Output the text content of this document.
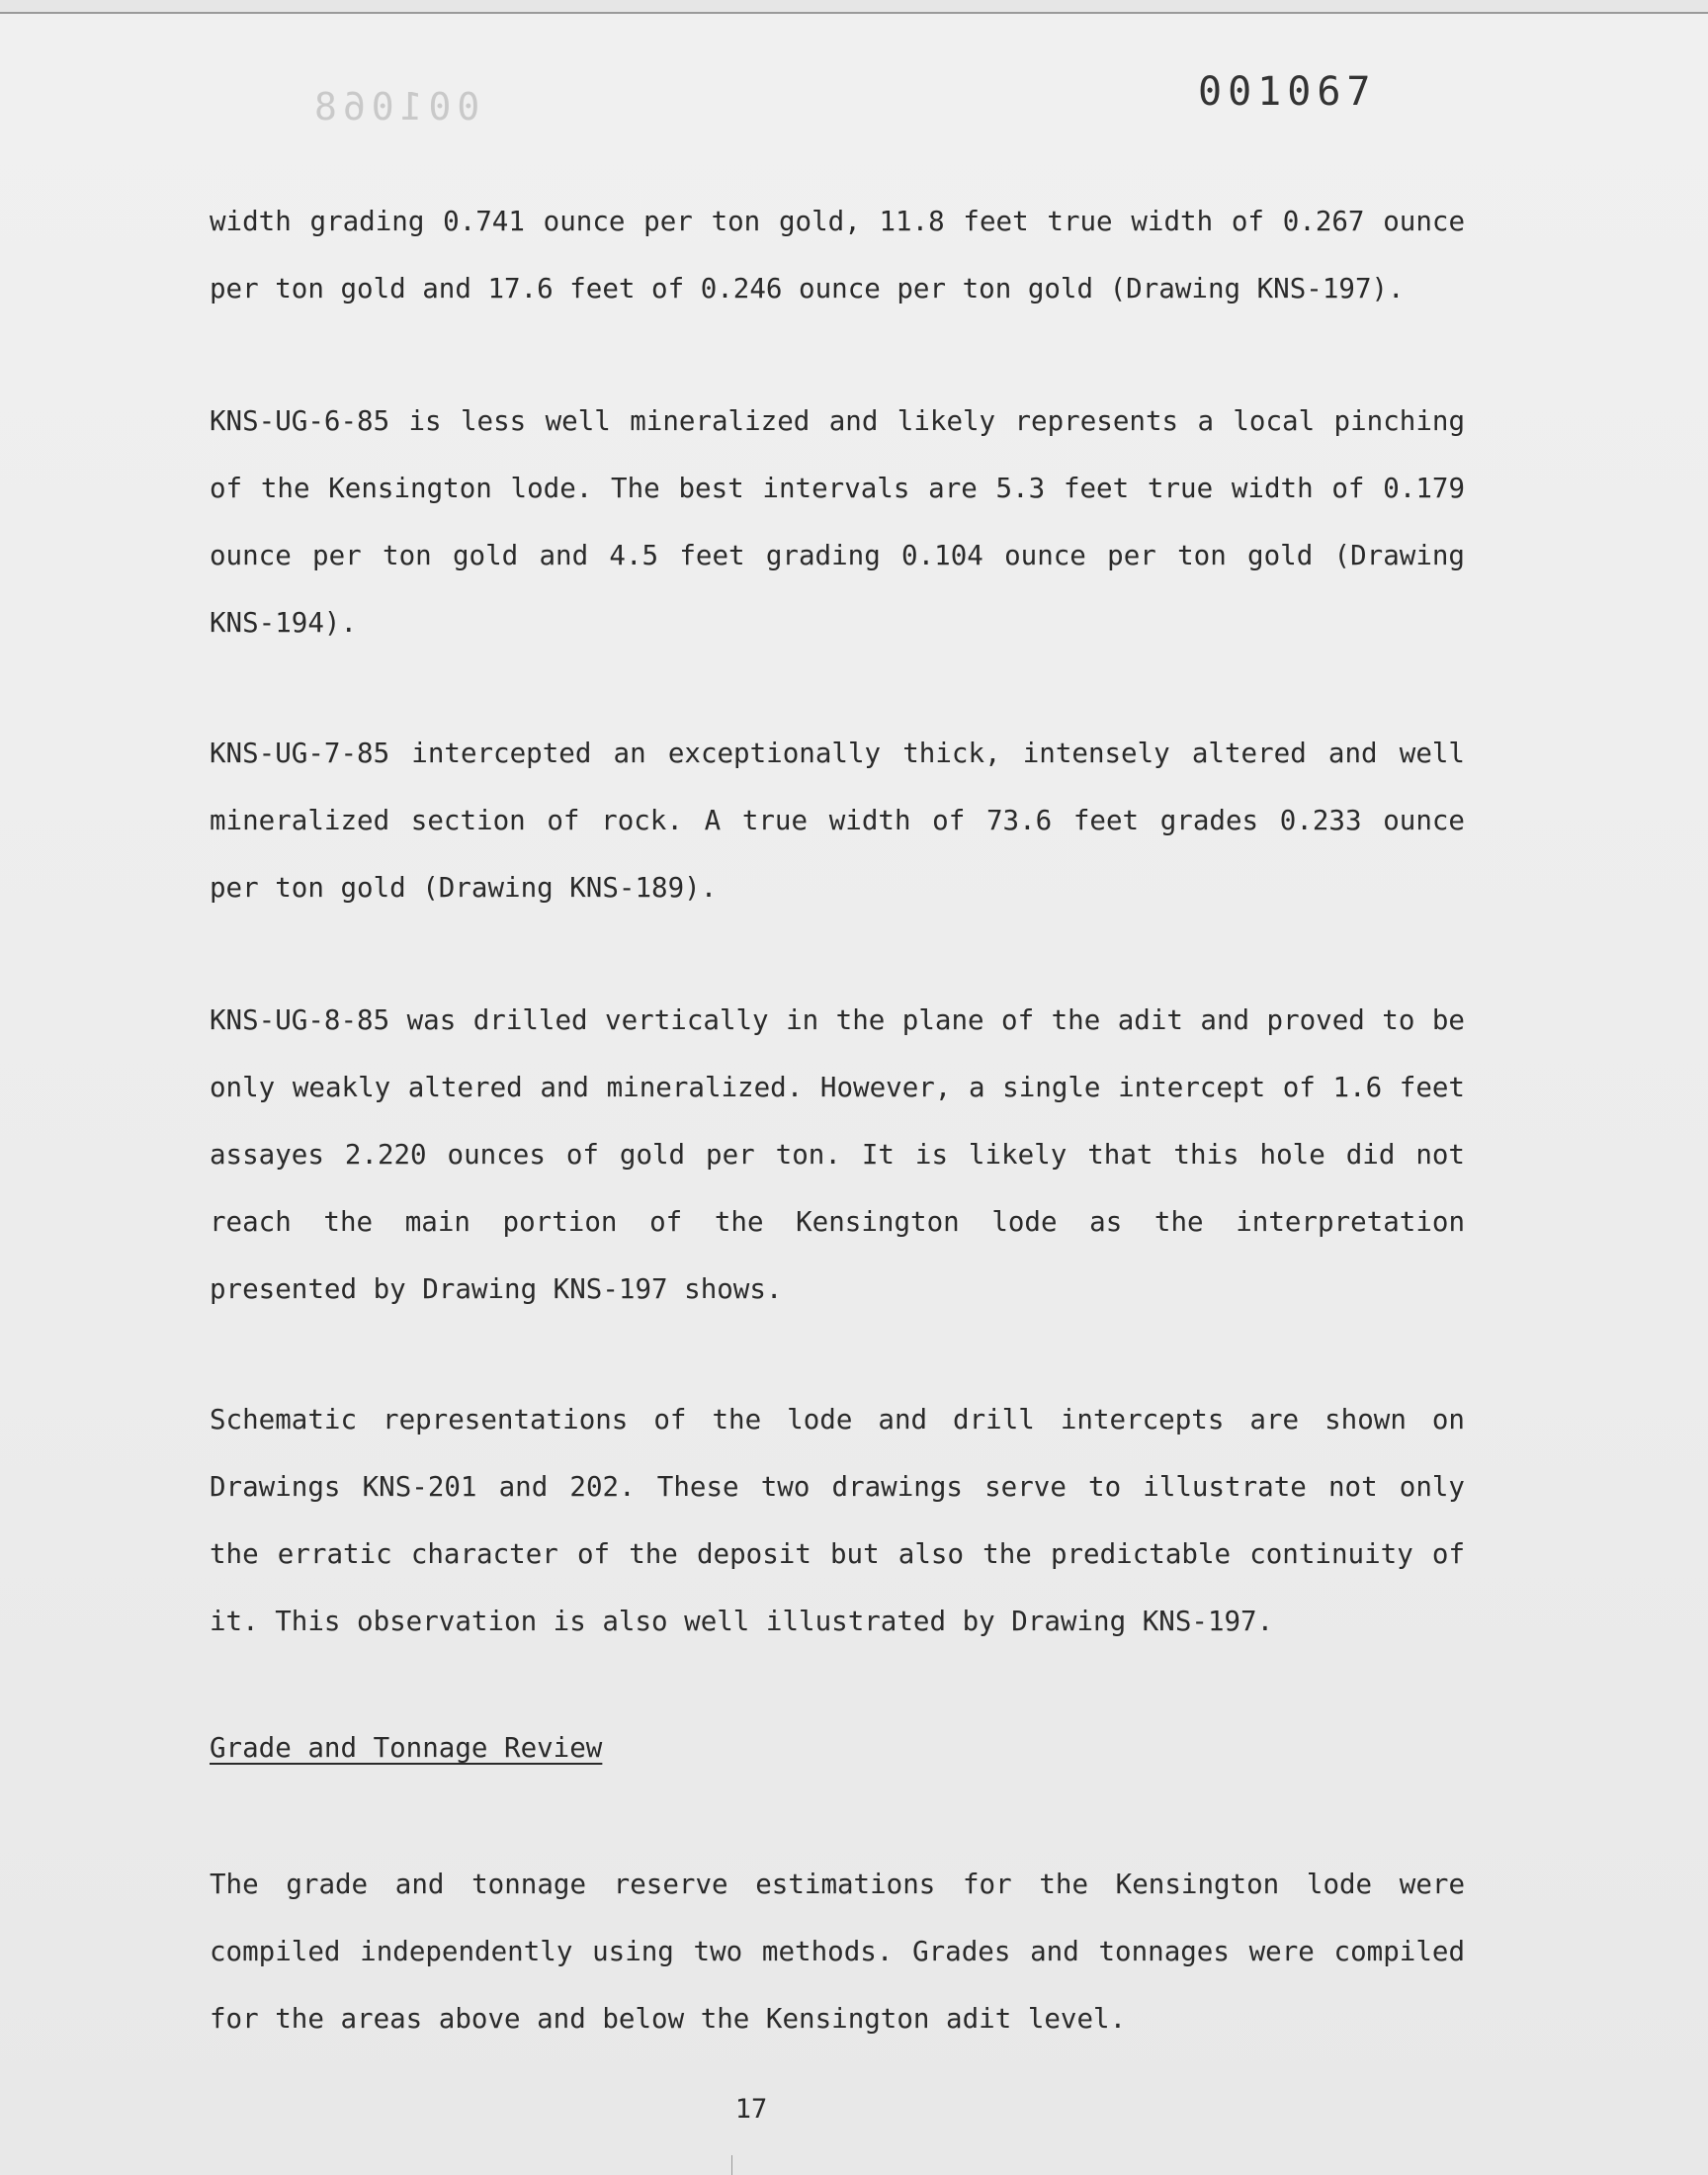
001068	001067

width grading 0.741 ounce per ton gold, 11.8 feet true width of 0.267 ounce per ton gold and 17.6 feet of 0.246 ounce per ton gold (Drawing KNS-197).

KNS-UG-6-85 is less well mineralized and likely represents a local pinching of the Kensington lode. The best intervals are 5.3 feet true width of 0.179 ounce per ton gold and 4.5 feet grading 0.104 ounce per ton gold (Drawing KNS-194).

KNS-UG-7-85 intercepted an exceptionally thick, intensely altered and well mineralized section of rock. A true width of 73.6 feet grades 0.233 ounce per ton gold (Drawing KNS-189).

KNS-UG-8-85 was drilled vertically in the plane of the adit and proved to be only weakly altered and mineralized. However, a single intercept of 1.6 feet assayes 2.220 ounces of gold per ton. It is likely that this hole did not reach the main portion of the Kensington lode as the interpretation presented by Drawing KNS-197 shows.

Schematic representations of the lode and drill intercepts are shown on Drawings KNS-201 and 202. These two drawings serve to illustrate not only the erratic character of the deposit but also the predictable continuity of it. This observation is also well illustrated by Drawing KNS-197.

Grade and Tonnage Review

The grade and tonnage reserve estimations for the Kensington lode were compiled independently using two methods. Grades and tonnages were compiled for the areas above and below the Kensington adit level.

17
